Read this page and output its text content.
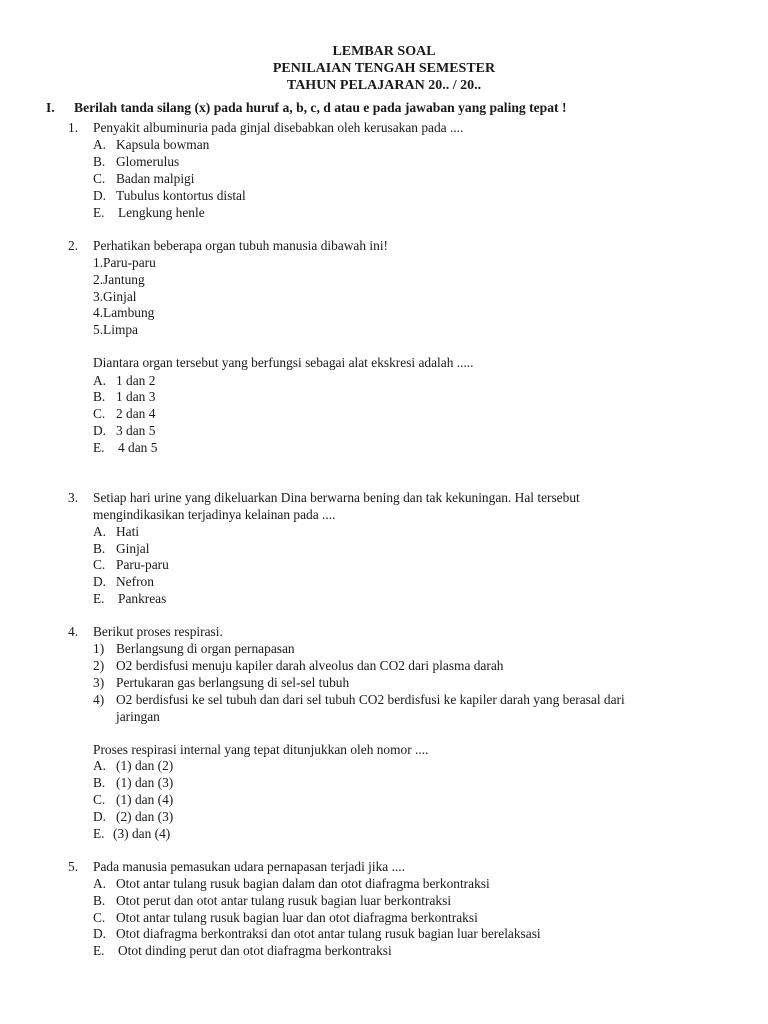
LEMBAR SOAL
PENILAIAN TENGAH SEMESTER
TAHUN PELAJARAN 20.. / 20..
I. Berilah tanda silang (x) pada huruf a, b, c, d atau e pada jawaban yang paling tepat !
1. Penyakit albuminuria pada ginjal disebabkan oleh kerusakan pada ....
A. Kapsula bowman
B. Glomerulus
C. Badan malpigi
D. Tubulus kontortus distal
E. Lengkung henle
2. Perhatikan beberapa organ tubuh manusia dibawah ini!
1.Paru-paru
2.Jantung
3.Ginjal
4.Lambung
5.Limpa
Diantara organ tersebut yang berfungsi sebagai alat ekskresi adalah .....
A. 1 dan 2
B. 1 dan 3
C. 2 dan 4
D. 3 dan 5
E. 4 dan 5
3. Setiap hari urine yang dikeluarkan Dina berwarna bening dan tak kekuningan. Hal tersebut
mengindikasikan terjadinya kelainan pada ....
A. Hati
B. Ginjal
C. Paru-paru
D. Nefron
E. Pankreas
4. Berikut proses respirasi.
1) Berlangsung di organ pernapasan
2) O2 berdisfusi menuju kapiler darah alveolus dan CO2 dari plasma darah
3) Pertukaran gas berlangsung di sel-sel tubuh
4) O2 berdisfusi ke sel tubuh dan dari sel tubuh CO2 berdisfusi ke kapiler darah yang berasal dari
jaringan
Proses respirasi internal yang tepat ditunjukkan oleh nomor ....
A. (1) dan (2)
B. (1) dan (3)
C. (1) dan (4)
D. (2) dan (3)
E. (3) dan (4)
5. Pada manusia pemasukan udara pernapasan terjadi jika ....
A. Otot antar tulang rusuk bagian dalam dan otot diafragma berkontraksi
B. Otot perut dan otot antar tulang rusuk bagian luar berkontraksi
C. Otot antar tulang rusuk bagian luar dan otot diafragma berkontraksi
D. Otot diafragma berkontraksi dan otot antar tulang rusuk bagian luar berelaksasi
E. Otot dinding perut dan otot diafragma berkontraksi
